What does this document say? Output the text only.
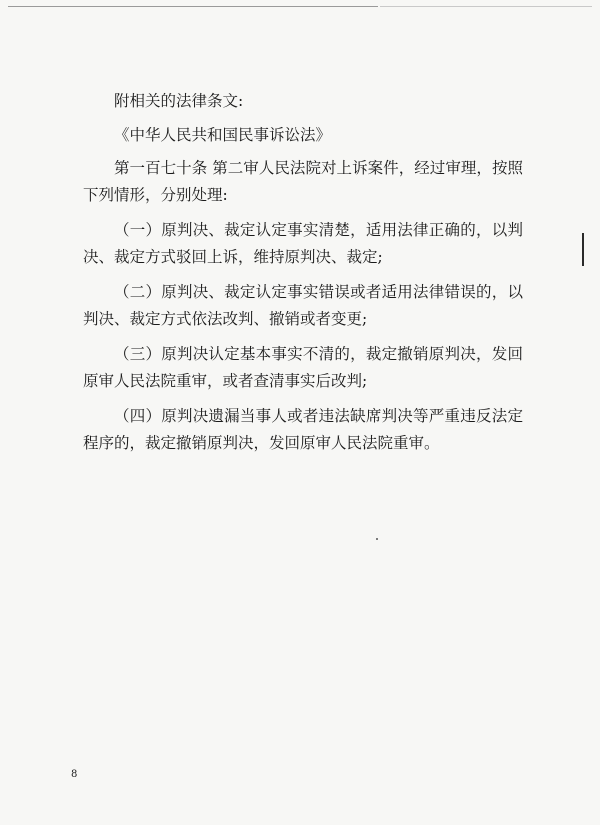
附相关的法律条文:

《中华人民共和国民事诉讼法》

第一百七十条 第二审人民法院对上诉案件，经过审理，按照

下列情形，分别处理:

（一）原判决、裁定认定事实清楚，适用法律正确的，以判

决、裁定方式驳回上诉，维持原判决、裁定;

（二）原判决、裁定认定事实错误或者适用法律错误的，以

判决、裁定方式依法改判、撤销或者变更;

（三）原判决认定基本事实不清的，裁定撤销原判决，发回

原审人民法院重审，或者查清事实后改判;

（四）原判决遗漏当事人或者违法缺席判决等严重违反法定

程序的，裁定撤销原判决，发回原审人民法院重审。

8
